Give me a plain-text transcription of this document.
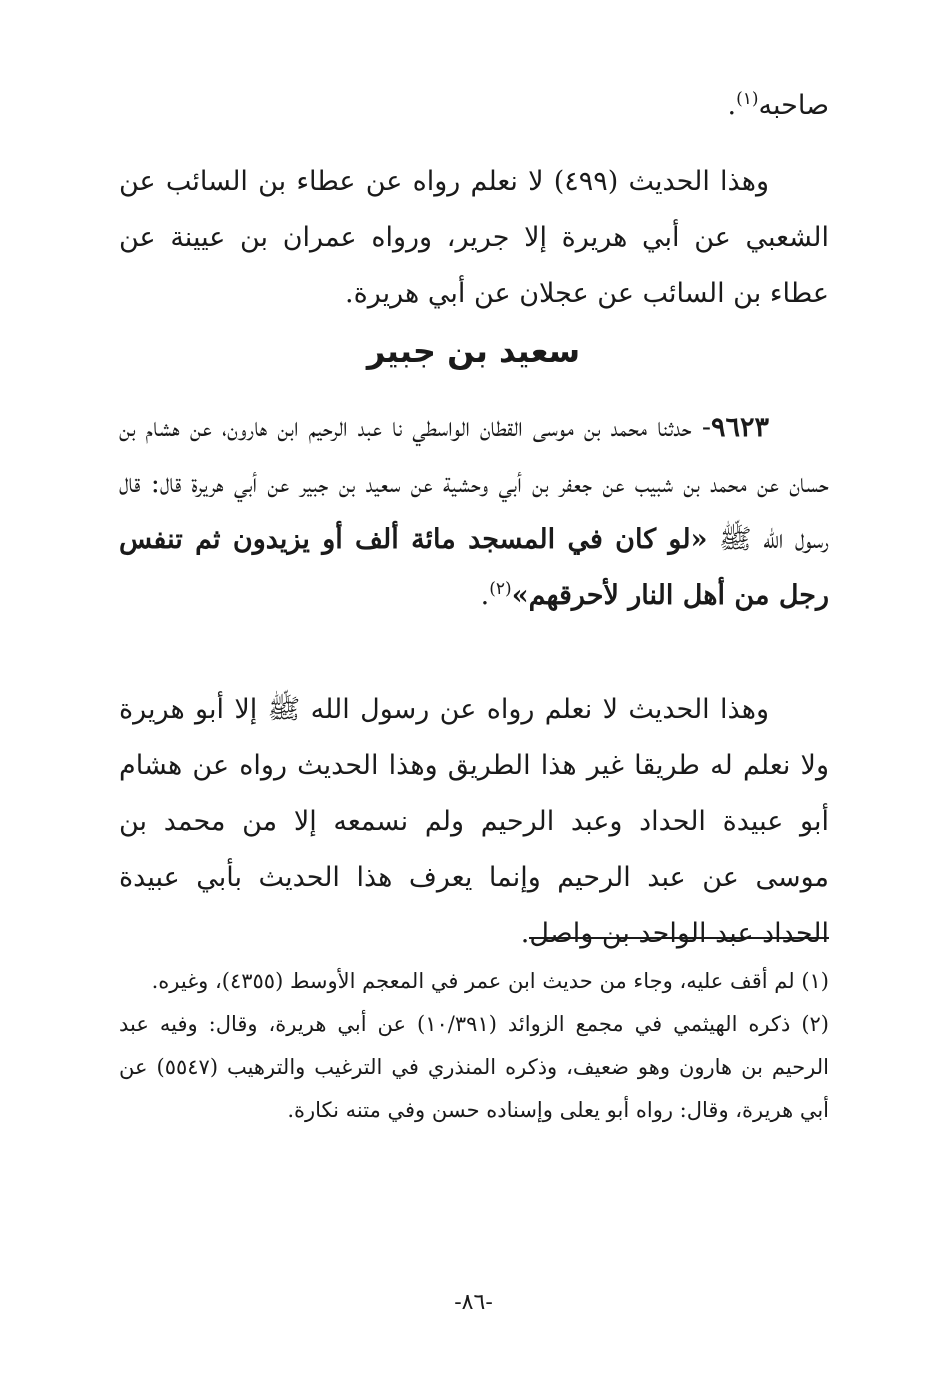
صاحبه$^{(١)}$.

وهذا الحديث (٤٩٩) لا نعلم رواه عن عطاء بن السائب عن الشعبي عن أبي هريرة إلا جرير، ورواه عمران بن عيينة عن عطاء بن السائب عن عجلان عن أبي هريرة.

سعيد بن جبير

٩٦٢٣- حدثنا محمد بن موسى القطان الواسطي نا عبد الرحيم ابن هارون، عن هشام بن حسان عن محمد بن شبيب عن جعفر بن أبي وحشية عن سعيد بن جبير عن أبي هريرة قال: قال رسول الله ﷺ «لو كان في المسجد مائة ألف أو يزيدون ثم تنفس رجل من أهل النار لأحرقهم»$^{(٢)}$.

وهذا الحديث لا نعلم رواه عن رسول الله ﷺ إلا أبو هريرة ولا نعلم له طريقا غير هذا الطريق وهذا الحديث رواه عن هشام أبو عبيدة الحداد وعبد الرحيم ولم نسمعه إلا من محمد بن موسى عن عبد الرحيم وإنما يعرف هذا الحديث بأبي عبيدة الحداد عبد الواحد بن واصل.

(١) لم أقف عليه، وجاء من حديث ابن عمر في المعجم الأوسط (٤٣٥٥)، وغيره.

(٢) ذكره الهيثمي في مجمع الزوائد (١٠/٣٩١) عن أبي هريرة، وقال: وفيه عبد الرحيم بن هارون وهو ضعيف، وذكره المنذري في الترغيب والترهيب (٥٥٤٧) عن أبي هريرة، وقال: رواه أبو يعلى وإسناده حسن وفي متنه نكارة.

-٨٦-
